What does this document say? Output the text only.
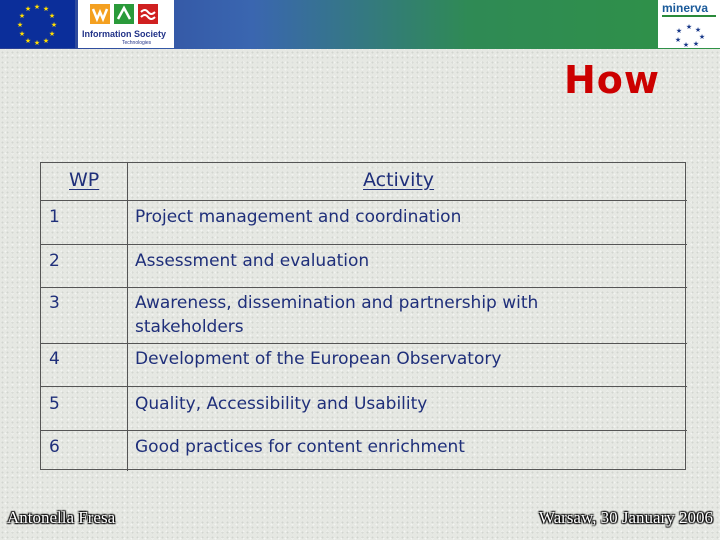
★ ★
★
★
★
★
★
★
★
★
★
★
Information Society
Technologies
minerva
★ ★
★
★
★
★
★
How
WP	Activity
1	Project management and coordination
2	Assessment and evaluation
3	Awareness, dissemination and partnership with stakeholders
4	Development of the European Observatory
5	Quality, Accessibility and Usability
6	Good practices for content enrichment
Antonella Fresa	Warsaw, 30 January 2006
